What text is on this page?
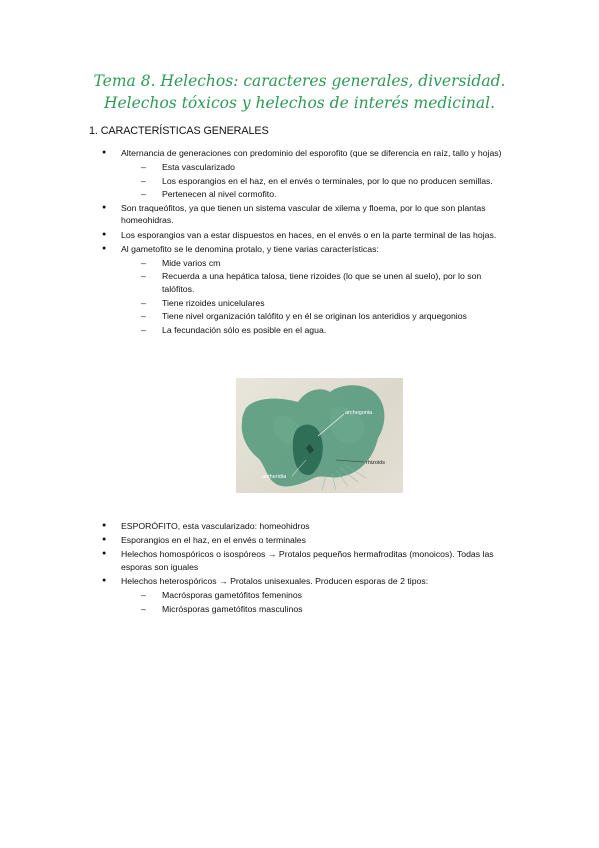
Tema 8. Helechos: caracteres generales, diversidad.
Helechos tóxicos y helechos de interés medicinal.
1. CARACTERÍSTICAS GENERALES
● Alternancia de generaciones con predominio del esporofito (que se diferencia en raíz, tallo y hojas)
– Esta vascularizado
– Los esporangios en el haz, en el envés o terminales, por lo que no producen semillas.
– Pertenecen al nivel cormofito.
● Son traqueófitos, ya que tienen un sistema vascular de xilema y floema, por lo que son plantas homeohidras.
● Los esporangios van a estar dispuestos en haces, en el envés o en la parte terminal de las hojas.
● Al gametofito se le denomina protalo, y tiene varias características:
– Mide varios cm
– Recuerda a una hepática talosa, tiene rizoides (lo que se unen al suelo), por lo son talófitos.
– Tiene rizoides unicelulares
– Tiene nivel organización talófito y en él se originan los anteridios y arquegonios
– La fecundación sólo es posible en el agua.
archegonia
rhizoids
antheridia
● ESPORÓFITO, esta vascularizado: homeohidros
● Esporangios en el haz, en el envés o terminales
● Helechos homospóricos o isospóreos → Protalos pequeños hermafroditas (monoicos). Todas las esporas son iguales
● Helechos heterospóricos → Protalos unisexuales. Producen esporas de 2 tipos:
– Macrósporas gametófitos femeninos
– Micrósporas gametófitos masculinos
